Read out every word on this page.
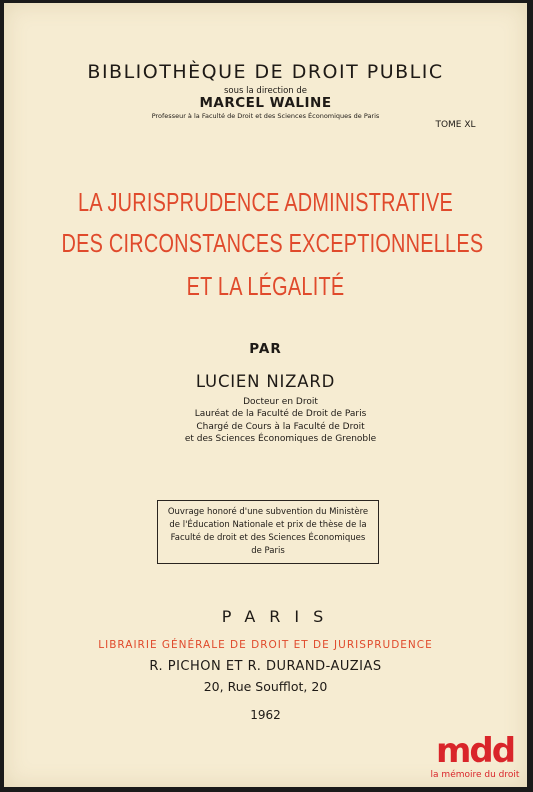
BIBLIOTHÈQUE DE DROIT PUBLIC
sous la direction de
MARCEL WALINE
Professeur à la Faculté de Droit et des Sciences Économiques de Paris
TOME XL
LA JURISPRUDENCE ADMINISTRATIVE
DES CIRCONSTANCES EXCEPTIONNELLES
ET LA LÉGALITÉ
PAR
LUCIEN NIZARD
Docteur en Droit
Lauréat de la Faculté de Droit de Paris
Chargé de Cours à la Faculté de Droit
et des Sciences Économiques de Grenoble
Ouvrage honoré d'une subvention du Ministère
de l'Éducation Nationale et prix de thèse de la
Faculté de droit et des Sciences Économiques
de Paris
PARIS
LIBRAIRIE GÉNÉRALE DE DROIT ET DE JURISPRUDENCE
R. PICHON ET R. DURAND-AUZIAS
20, Rue Soufflot, 20
1962
mdd
la mémoire du droit
